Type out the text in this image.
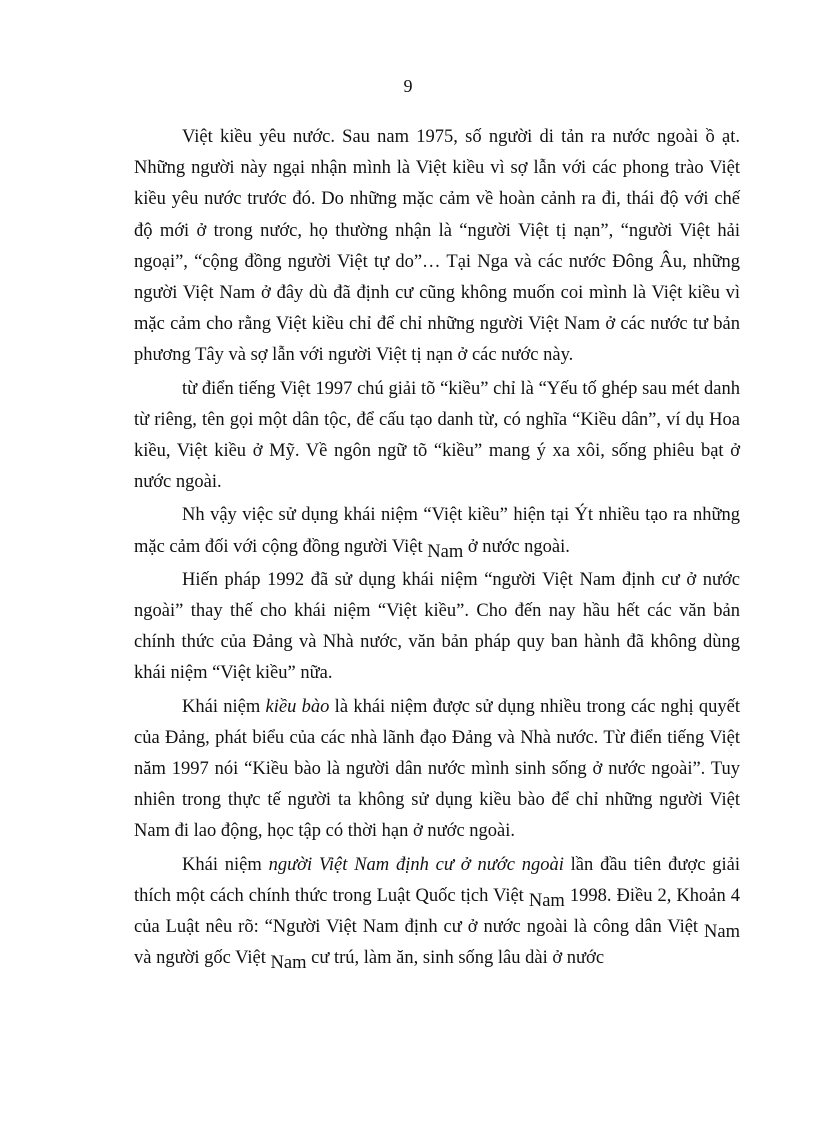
9

Việt kiều yêu nước. Sau nam 1975, số người di tản ra nước ngoài ồ ạt. Những người này ngại nhận mình là Việt kiều vì sợ lẫn với các phong trào Việt kiều yêu nước trước đó. Do những mặc cảm về hoàn cảnh ra đi, thái độ với chế độ mới ở trong nước, họ thường nhận là “người Việt tị nạn”, “người Việt hải ngoại”, “cộng đồng người Việt tự do”… Tại Nga và các nước Đông Âu, những người Việt Nam ở đây dù đã định cư cũng không muốn coi mình là Việt kiều vì mặc cảm cho rằng Việt kiều chỉ để chỉ những người Việt Nam ở các nước tư bản phương Tây và sợ lẫn với người Việt tị nạn ở các nước này.

từ điển tiếng Việt 1997 chú giải tõ “kiều” chỉ là “Yếu tố ghép sau mét danh từ riêng, tên gọi một dân tộc, để cấu tạo danh từ, có nghĩa “Kiều dân”, ví dụ Hoa kiều, Việt kiều ở Mỹ. Về ngôn ngữ tõ “kiều” mang ý xa xôi, sống phiêu bạt ở nước ngoài.

Nh vậy việc sử dụng khái niệm “Việt kiều” hiện tại Ýt nhiều tạo ra những mặc cảm đối với cộng đồng người Việt Nam ở nước ngoài.

Hiến pháp 1992 đã sử dụng khái niệm “người Việt Nam định cư ở nước ngoài” thay thế cho khái niệm “Việt kiều”. Cho đến nay hầu hết các văn bản chính thức của Đảng và Nhà nước, văn bản pháp quy ban hành đã không dùng khái niệm “Việt kiều” nữa.

Khái niệm kiều bào là khái niệm được sử dụng nhiều trong các nghị quyết của Đảng, phát biểu của các nhà lãnh đạo Đảng và Nhà nước. Từ điển tiếng Việt năm 1997 nói “Kiều bào là người dân nước mình sinh sống ở nước ngoài”. Tuy nhiên trong thực tế người ta không sử dụng kiều bào để chỉ những người Việt Nam đi lao động, học tập có thời hạn ở nước ngoài.

Khái niệm người Việt Nam định cư ở nước ngoài lần đầu tiên được giải thích một cách chính thức trong Luật Quốc tịch Việt Nam 1998. Điều 2, Khoản 4 của Luật nêu rõ: “Người Việt Nam định cư ở nước ngoài là công dân Việt Nam và người gốc Việt Nam cư trú, làm ăn, sinh sống lâu dài ở nước
